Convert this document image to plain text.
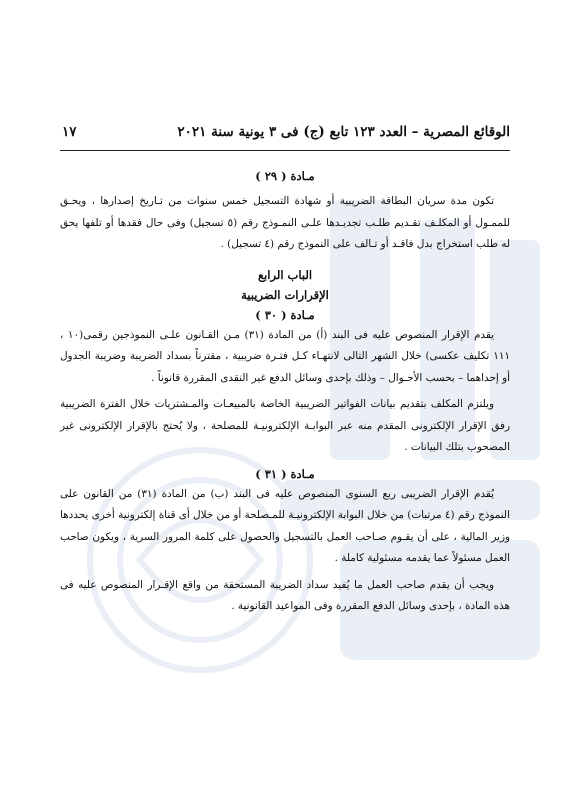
الوقائع المصرية – العدد ١٢٣ تابع (ج) فى ٣ يونية سنة ٢٠٢١
١٧

مـادة ( ٢٩ )

تكون مدة سريان البطاقة الضريبية أو شهادة التسجيل خمس سنوات من تـاريخ إصدارها ، ويحـق للممـول أو المكلـف تقـديم طلـب تجديـدها علـى النمـوذج رقم (٥ تسجيل) وفى حال فقدها أو تلفها يحق له طلب استخراج بدل فاقـد أو تـالف على النموذج رقم (٤ تسجيل) .

الباب الرابع

الإقرارات الضريبية

مـادة ( ٣٠ )

يقدم الإقرار المنصوص عليه فى البند (أ) من المادة (٣١) مـن القـانون علـى النموذجين رقمى(١٠ ، ١١١ تكليف عكسى) خلال الشهر التالى لانتهـاء كـل فتـرة ضريبية ، مقترناً بسداد الضريبة وضريبة الجدول أو إحداهما – بحسب الأحـوال – وذلك بإحدى وسائل الدفع غير النقدى المقررة قانوناً .

ويلتزم المكلف بتقديم بيانات الفواتير الضريبية الخاصة بالمبيعـات والمـشتريات خلال الفترة الضريبية رفق الإقرار الإلكترونى المقدم منه عبر البوابـة الإلكترونيـة للمصلحة ، ولا يُحتج بالإقرار الإلكترونى غير المصحوب بتلك البيانات .

مـادة ( ٣١ )

يُقدم الإقرار الضريبى ربع السنوى المنصوص عليه فى البند (ب) من المادة (٣١) من القانون على النموذج رقم (٤ مرتبات) من خلال البوابة الإلكترونيـة للمـصلحة أو من خلال أى قناة إلكترونية أخرى يحددها وزير المالية ، على أن يقـوم صـاحب العمل بالتسجيل والحصول على كلمة المرور السرية ، ويكون صاحب العمل مسئولاً عما يقدمه مسئولية كاملة .

ويجب أن يقدم صاحب العمل ما يُفيد سداد الضريبة المستحقة من واقع الإقـرار المنصوص عليه فى هذه المادة ، بإحدى وسائل الدفع المقررة وفى المواعيد القانونية .
